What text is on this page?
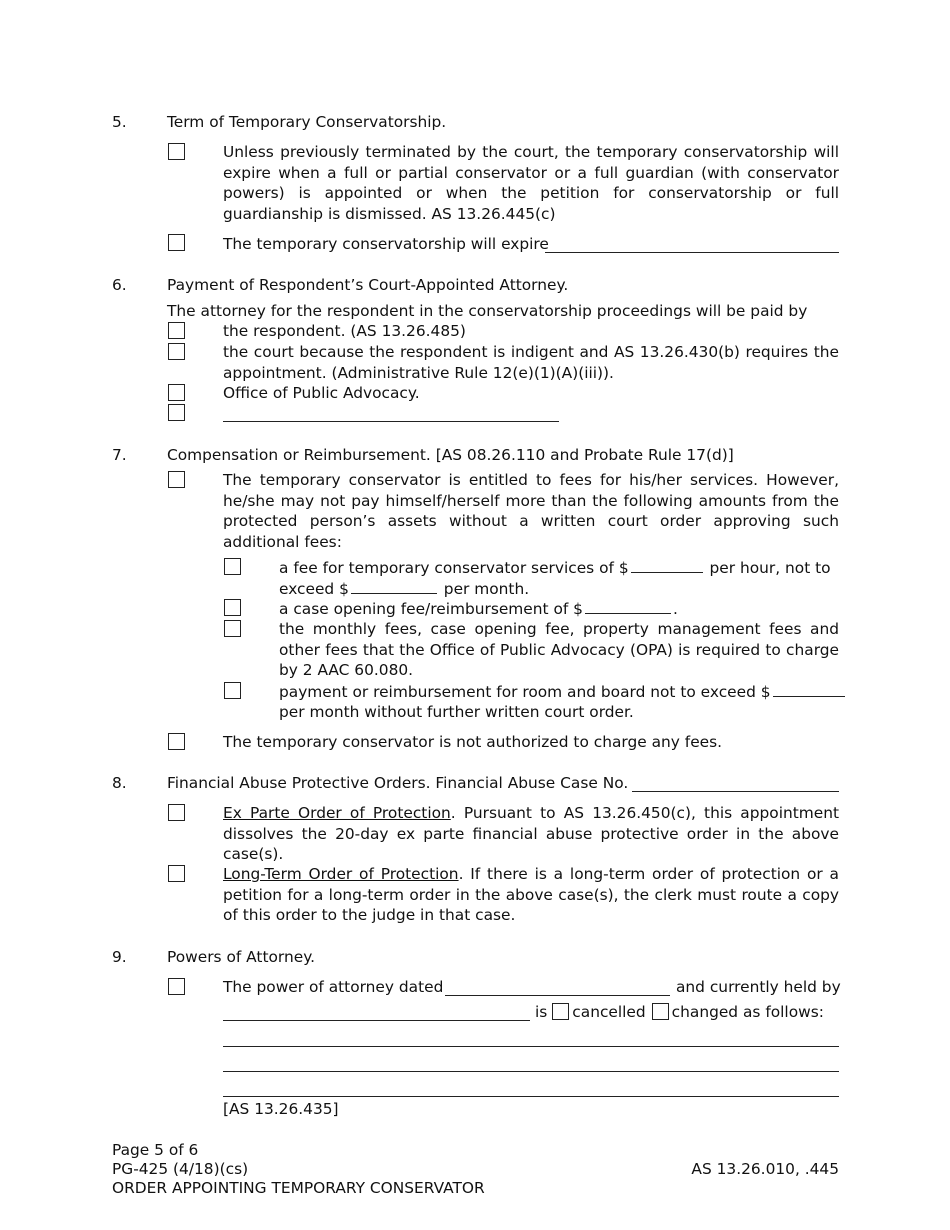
5.	Term of Temporary Conservatorship.
Unless previously terminated by the court, the temporary conservatorship will expire when a full or partial conservator or a full guardian (with conservator powers) is appointed or when the petition for conservatorship or full guardianship is dismissed. AS 13.26.445(c)
The temporary conservatorship will expire
6.	Payment of Respondent’s Court-Appointed Attorney.
The attorney for the respondent in the conservatorship proceedings will be paid by
the respondent. (AS 13.26.485)
the court because the respondent is indigent and AS 13.26.430(b) requires the appointment. (Administrative Rule 12(e)(1)(A)(iii)).
Office of Public Advocacy.
7.	Compensation or Reimbursement. [AS 08.26.110 and Probate Rule 17(d)]
The temporary conservator is entitled to fees for his/her services. However, he/she may not pay himself/herself more than the following amounts from the protected person’s assets without a written court order approving such additional fees:
a fee for temporary conservator services of $	per hour, not to
exceed $	per month.
a case opening fee/reimbursement of $	.
the monthly fees, case opening fee, property management fees and other fees that the Office of Public Advocacy (OPA) is required to charge by 2 AAC 60.080.
payment or reimbursement for room and board not to exceed $
per month without further written court order.
The temporary conservator is not authorized to charge any fees.
8.	Financial Abuse Protective Orders. Financial Abuse Case No.
Ex Parte Order of Protection. Pursuant to AS 13.26.450(c), this appointment dissolves the 20-day ex parte financial abuse protective order in the above case(s).
Long-Term Order of Protection. If there is a long-term order of protection or a petition for a long-term order in the above case(s), the clerk must route a copy of this order to the judge in that case.
9.	Powers of Attorney.
The power of attorney dated	and currently held by
is cancelled changed as follows:
[AS 13.26.435]
Page 5 of 6
PG-425 (4/18)(cs)
ORDER APPOINTING TEMPORARY CONSERVATOR
AS 13.26.010, .445
